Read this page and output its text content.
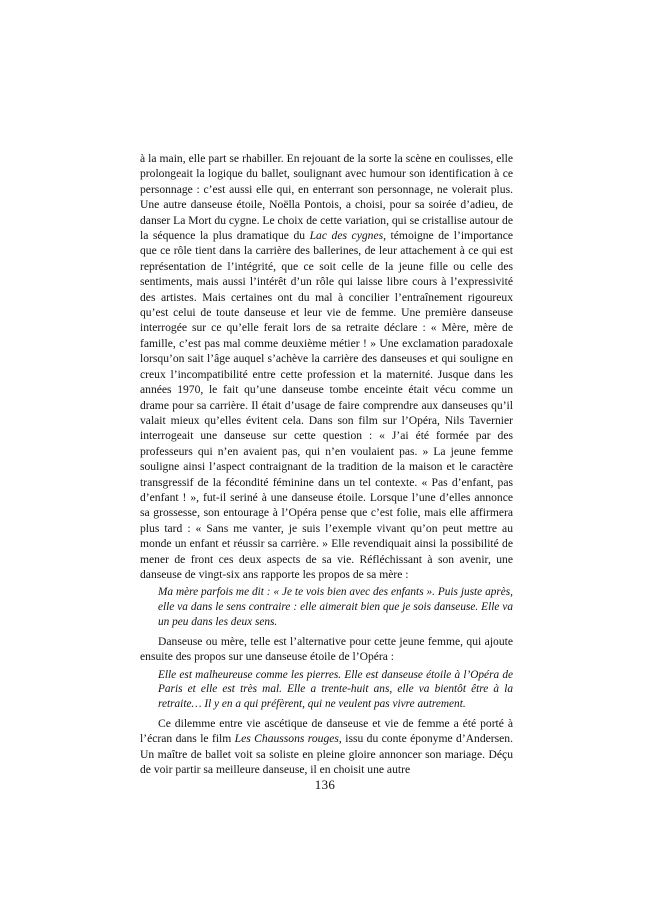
à la main, elle part se rhabiller. En rejouant de la sorte la scène en coulisses, elle prolongeait la logique du ballet, soulignant avec humour son identification à ce personnage : c’est aussi elle qui, en enterrant son personnage, ne volerait plus. Une autre danseuse étoile, Noëlla Pontois, a choisi, pour sa soirée d’adieu, de danser La Mort du cygne. Le choix de cette variation, qui se cristallise autour de la séquence la plus dramatique du Lac des cygnes, témoigne de l’importance que ce rôle tient dans la carrière des ballerines, de leur attachement à ce qui est représentation de l’intégrité, que ce soit celle de la jeune fille ou celle des sentiments, mais aussi l’intérêt d’un rôle qui laisse libre cours à l’expressivité des artistes. Mais certaines ont du mal à concilier l’entraînement rigoureux qu’est celui de toute danseuse et leur vie de femme. Une première danseuse interrogée sur ce qu’elle ferait lors de sa retraite déclare : « Mère, mère de famille, c’est pas mal comme deuxième métier ! » Une exclamation paradoxale lorsqu’on sait l’âge auquel s’achève la carrière des danseuses et qui souligne en creux l’incompatibilité entre cette profession et la maternité. Jusque dans les années 1970, le fait qu’une danseuse tombe enceinte était vécu comme un drame pour sa carrière. Il était d’usage de faire comprendre aux danseuses qu’il valait mieux qu’elles évitent cela. Dans son film sur l’Opéra, Nils Tavernier interrogeait une danseuse sur cette question : « J’ai été formée par des professeurs qui n’en avaient pas, qui n’en voulaient pas. » La jeune femme souligne ainsi l’aspect contraignant de la tradition de la maison et le caractère transgressif de la fécondité féminine dans un tel contexte. « Pas d’enfant, pas d’enfant ! », fut-il seriné à une danseuse étoile. Lorsque l’une d’elles annonce sa grossesse, son entourage à l’Opéra pense que c’est folie, mais elle affirmera plus tard : « Sans me vanter, je suis l’exemple vivant qu’on peut mettre au monde un enfant et réussir sa carrière. » Elle revendiquait ainsi la possibilité de mener de front ces deux aspects de sa vie. Réfléchissant à son avenir, une danseuse de vingt-six ans rapporte les propos de sa mère :

Ma mère parfois me dit : « Je te vois bien avec des enfants ». Puis juste après, elle va dans le sens contraire : elle aimerait bien que je sois danseuse. Elle va un peu dans les deux sens.

Danseuse ou mère, telle est l’alternative pour cette jeune femme, qui ajoute ensuite des propos sur une danseuse étoile de l’Opéra :

Elle est malheureuse comme les pierres. Elle est danseuse étoile à l’Opéra de Paris et elle est très mal. Elle a trente-huit ans, elle va bientôt être à la retraite… Il y en a qui préfèrent, qui ne veulent pas vivre autrement.

Ce dilemme entre vie ascétique de danseuse et vie de femme a été porté à l’écran dans le film Les Chaussons rouges, issu du conte éponyme d’Andersen. Un maître de ballet voit sa soliste en pleine gloire annoncer son mariage. Déçu de voir partir sa meilleure danseuse, il en choisit une autre

136
